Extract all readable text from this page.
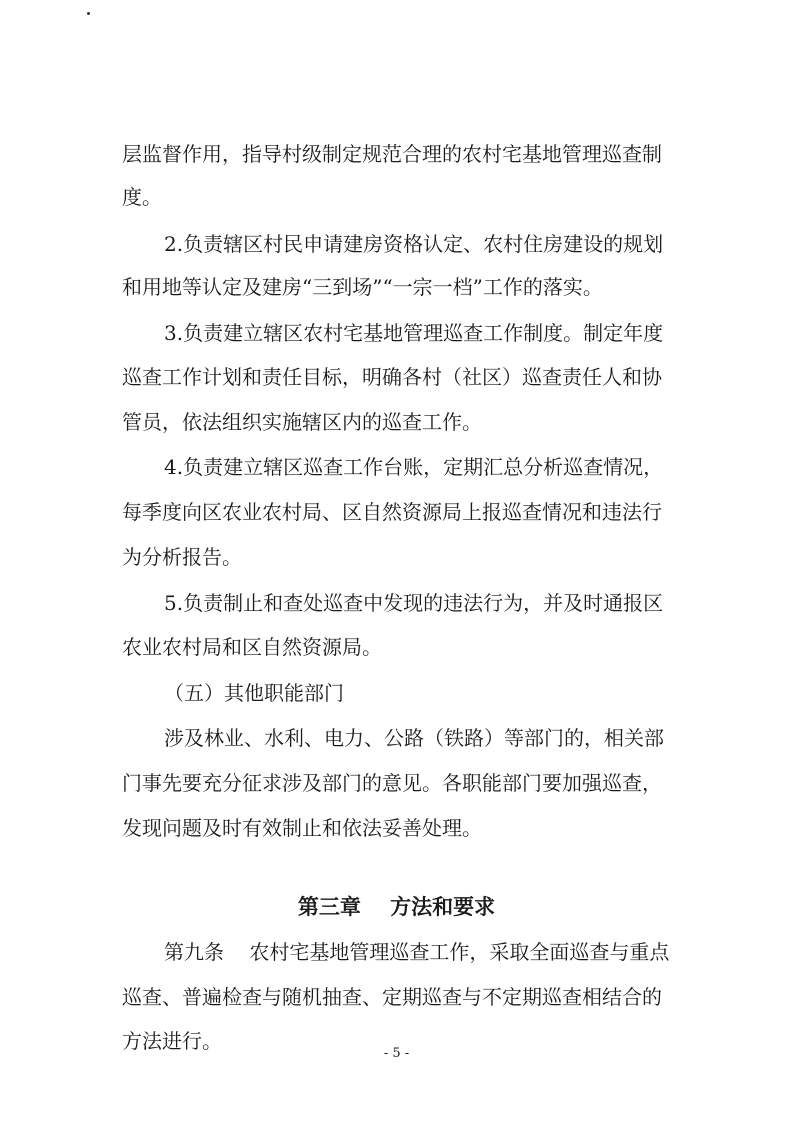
层监督作用，指导村级制定规范合理的农村宅基地管理巡查制
度。
2.负责辖区村民申请建房资格认定、农村住房建设的规划
和用地等认定及建房“三到场”“一宗一档”工作的落实。
3.负责建立辖区农村宅基地管理巡查工作制度。制定年度
巡查工作计划和责任目标，明确各村（社区）巡查责任人和协
管员，依法组织实施辖区内的巡查工作。
4.负责建立辖区巡查工作台账，定期汇总分析巡查情况，
每季度向区农业农村局、区自然资源局上报巡查情况和违法行
为分析报告。
5.负责制止和查处巡查中发现的违法行为，并及时通报区
农业农村局和区自然资源局。
（五）其他职能部门
涉及林业、水利、电力、公路（铁路）等部门的，相关部
门事先要充分征求涉及部门的意见。各职能部门要加强巡查，
发现问题及时有效制止和依法妥善处理。
第三章    方法和要求
第九条    农村宅基地管理巡查工作，采取全面巡查与重点
巡查、普遍检查与随机抽查、定期巡查与不定期巡查相结合的
方法进行。
- 5 -
